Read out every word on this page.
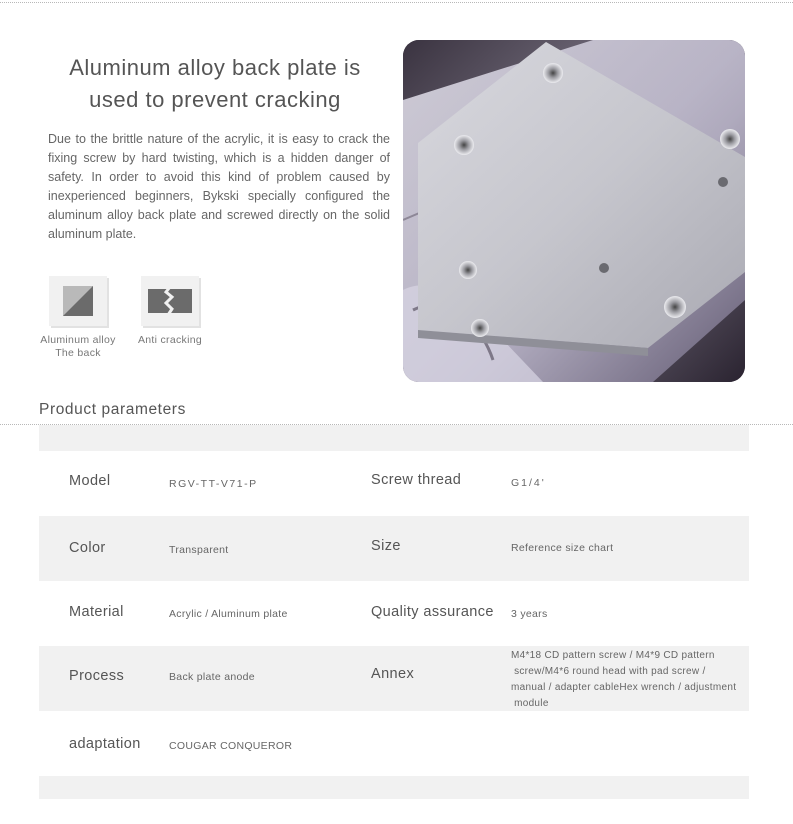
Aluminum alloy back plate is
used to prevent cracking
Due to the brittle nature of the acrylic, it is easy to crack the fixing screw by hard twisting, which is a hidden danger of safety. In order to avoid this kind of problem caused by inexperienced beginners, Bykski specially configured the aluminum alloy back plate and screwed directly on the solid aluminum plate.
Aluminum alloy
The back
Anti cracking
Product parameters
Model	RGV-TT-V71-P	Screw thread	G1/4'
Color	Transparent	Size	Reference size chart
Material	Acrylic / Aluminum plate	Quality assurance 3 years
Process	Back plate anode	Annex
M4*18 CD pattern screw / M4*9 CD pattern
screw/M4*6 round head with pad screw /
manual / adapter cableHex wrench / adjustment
module
adaptation	COUGAR CONQUEROR
